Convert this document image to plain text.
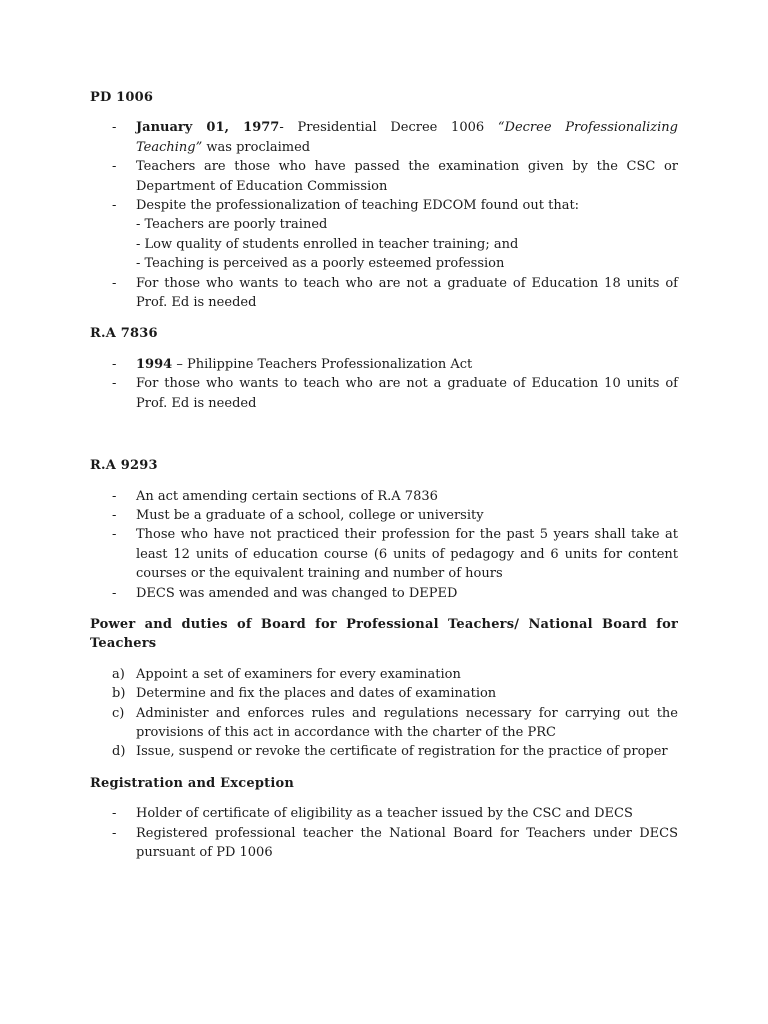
PD 1006

- January 01, 1977- Presidential Decree 1006 “Decree Professionalizing Teaching” was proclaimed
- Teachers are those who have passed the examination given by the CSC or Department of Education Commission
- Despite the professionalization of teaching EDCOM found out that:
- Teachers are poorly trained
- Low quality of students enrolled in teacher training; and
- Teaching is perceived as a poorly esteemed profession
- For those who wants to teach who are not a graduate of Education 18 units of Prof. Ed is needed

R.A 7836

- 1994 – Philippine Teachers Professionalization Act
- For those who wants to teach who are not a graduate of Education 10 units of Prof. Ed is needed

R.A 9293

- An act amending certain sections of R.A 7836
- Must be a graduate of a school, college or university
- Those who have not practiced their profession for the past 5 years shall take at least 12 units of education course (6 units of pedagogy and 6 units for content courses or the equivalent training and number of hours
- DECS was amended and was changed to DEPED

Power and duties of Board for Professional Teachers/ National Board for Teachers

a) Appoint a set of examiners for every examination
b) Determine and fix the places and dates of examination
c) Administer and enforces rules and regulations necessary for carrying out the provisions of this act in accordance with the charter of the PRC
d) Issue, suspend or revoke the certificate of registration for the practice of proper

Registration and Exception

- Holder of certificate of eligibility as a teacher issued by the CSC and DECS
- Registered professional teacher the National Board for Teachers under DECS pursuant of PD 1006
